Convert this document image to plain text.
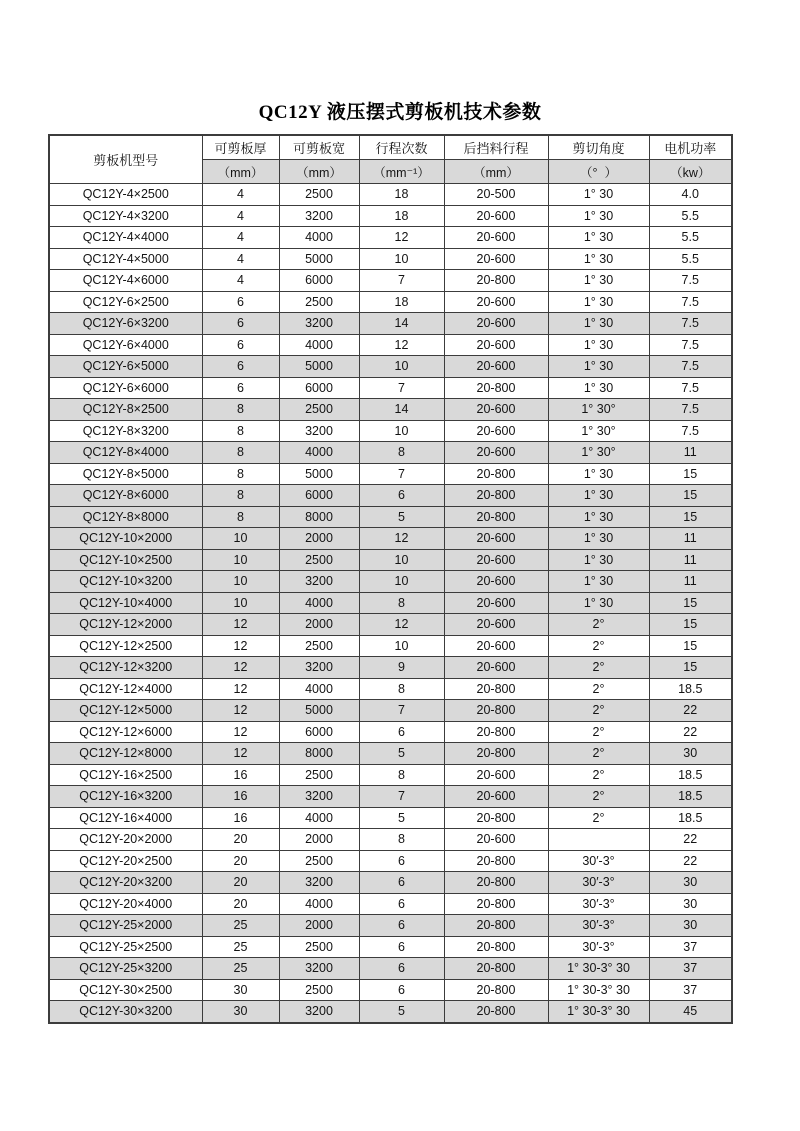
QC12Y 液压摆式剪板机技术参数
剪板机型号	可剪板厚	可剪板宽	行程次数	后挡料行程	剪切角度	电机功率
	（mm）	（mm）	（mm⁻¹）	（mm）	（°  ）	（kw）
QC12Y-4×2500	4	2500	18	20-500	1° 30	4.0
QC12Y-4×3200	4	3200	18	20-600	1° 30	5.5
QC12Y-4×4000	4	4000	12	20-600	1° 30	5.5
QC12Y-4×5000	4	5000	10	20-600	1° 30	5.5
QC12Y-4×6000	4	6000	7	20-800	1° 30	7.5
QC12Y-6×2500	6	2500	18	20-600	1° 30	7.5
QC12Y-6×3200	6	3200	14	20-600	1° 30	7.5
QC12Y-6×4000	6	4000	12	20-600	1° 30	7.5
QC12Y-6×5000	6	5000	10	20-600	1° 30	7.5
QC12Y-6×6000	6	6000	7	20-800	1° 30	7.5
QC12Y-8×2500	8	2500	14	20-600	1° 30°	7.5
QC12Y-8×3200	8	3200	10	20-600	1° 30°	7.5
QC12Y-8×4000	8	4000	8	20-600	1° 30°	11
QC12Y-8×5000	8	5000	7	20-800	1° 30	15
QC12Y-8×6000	8	6000	6	20-800	1° 30	15
QC12Y-8×8000	8	8000	5	20-800	1° 30	15
QC12Y-10×2000	10	2000	12	20-600	1° 30	11
QC12Y-10×2500	10	2500	10	20-600	1° 30	11
QC12Y-10×3200	10	3200	10	20-600	1° 30	11
QC12Y-10×4000	10	4000	8	20-600	1° 30	15
QC12Y-12×2000	12	2000	12	20-600	2°	15
QC12Y-12×2500	12	2500	10	20-600	2°	15
QC12Y-12×3200	12	3200	9	20-600	2°	15
QC12Y-12×4000	12	4000	8	20-800	2°	18.5
QC12Y-12×5000	12	5000	7	20-800	2°	22
QC12Y-12×6000	12	6000	6	20-800	2°	22
QC12Y-12×8000	12	8000	5	20-800	2°	30
QC12Y-16×2500	16	2500	8	20-600	2°	18.5
QC12Y-16×3200	16	3200	7	20-600	2°	18.5
QC12Y-16×4000	16	4000	5	20-800	2°	18.5
QC12Y-20×2000	20	2000	8	20-600		22
QC12Y-20×2500	20	2500	6	20-800	30′-3°	22
QC12Y-20×3200	20	3200	6	20-800	30′-3°	30
QC12Y-20×4000	20	4000	6	20-800	30′-3°	30
QC12Y-25×2000	25	2000	6	20-800	30′-3°	30
QC12Y-25×2500	25	2500	6	20-800	30′-3°	37
QC12Y-25×3200	25	3200	6	20-800	1° 30-3° 30	37
QC12Y-30×2500	30	2500	6	20-800	1° 30-3° 30	37
QC12Y-30×3200	30	3200	5	20-800	1° 30-3° 30	45
